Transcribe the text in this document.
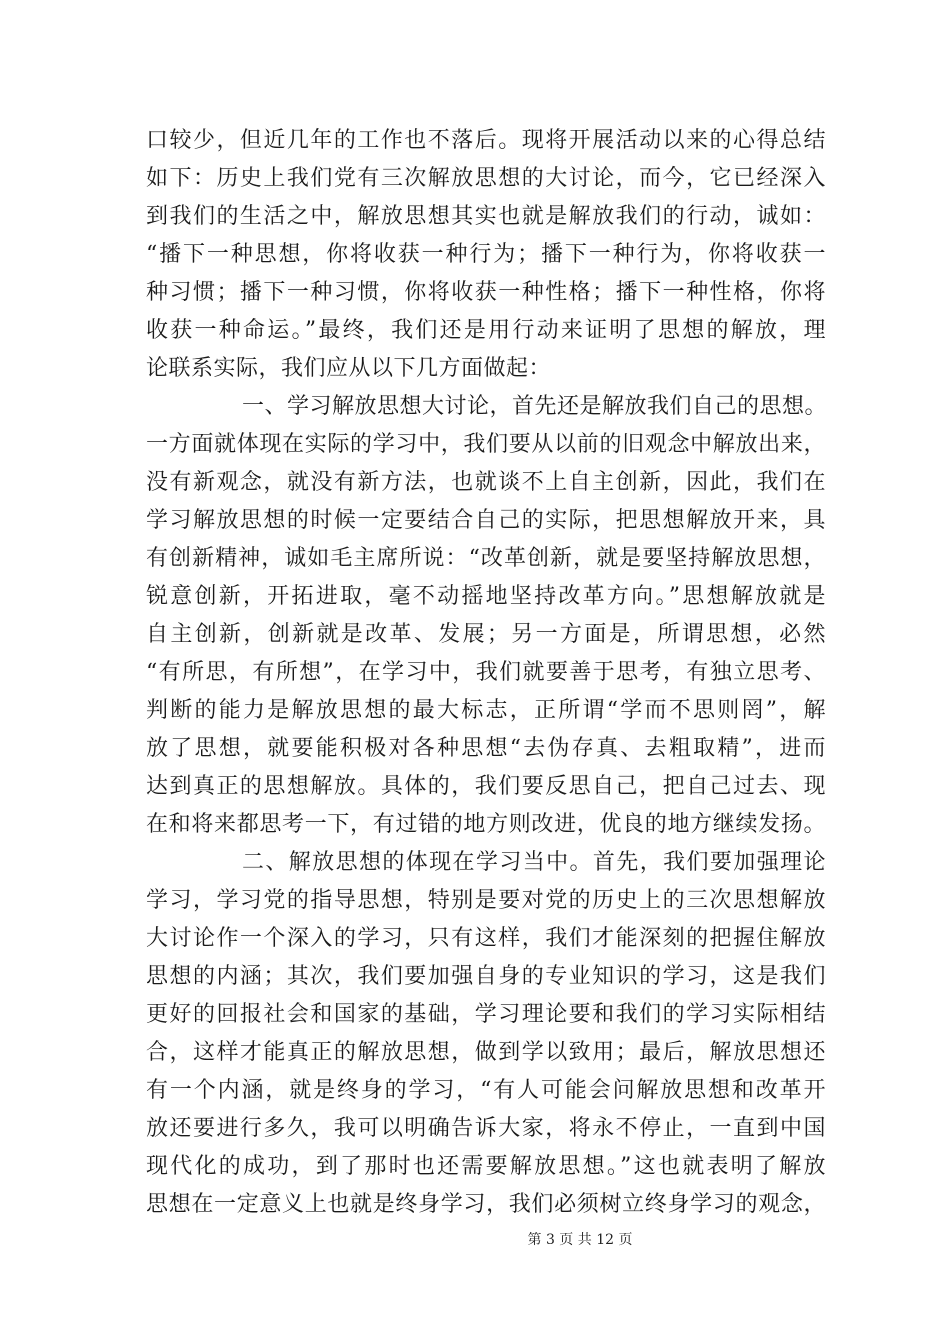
口较少，但近几年的工作也不落后。现将开展活动以来的心得总结
如下：历史上我们党有三次解放思想的大讨论，而今，它已经深入
到我们的生活之中，解放思想其实也就是解放我们的行动，诚如：
“播下一种思想，你将收获一种行为；播下一种行为，你将收获一
种习惯；播下一种习惯，你将收获一种性格；播下一种性格，你将
收获一种命运。”最终，我们还是用行动来证明了思想的解放，理
论联系实际，我们应从以下几方面做起：
一、学习解放思想大讨论，首先还是解放我们自己的思想。
一方面就体现在实际的学习中，我们要从以前的旧观念中解放出来，
没有新观念，就没有新方法，也就谈不上自主创新，因此，我们在
学习解放思想的时候一定要结合自己的实际，把思想解放开来，具
有创新精神，诚如毛主席所说：“改革创新，就是要坚持解放思想，
锐意创新，开拓进取，毫不动摇地坚持改革方向。”思想解放就是
自主创新，创新就是改革、发展；另一方面是，所谓思想，必然
“有所思，有所想”，在学习中，我们就要善于思考，有独立思考、
判断的能力是解放思想的最大标志，正所谓“学而不思则罔”，解
放了思想，就要能积极对各种思想“去伪存真、去粗取精”，进而
达到真正的思想解放。具体的，我们要反思自己，把自己过去、现
在和将来都思考一下，有过错的地方则改进，优良的地方继续发扬。
二、解放思想的体现在学习当中。首先，我们要加强理论
学习，学习党的指导思想，特别是要对党的历史上的三次思想解放
大讨论作一个深入的学习，只有这样，我们才能深刻的把握住解放
思想的内涵；其次，我们要加强自身的专业知识的学习，这是我们
更好的回报社会和国家的基础，学习理论要和我们的学习实际相结
合，这样才能真正的解放思想，做到学以致用；最后，解放思想还
有一个内涵，就是终身的学习，“有人可能会问解放思想和改革开
放还要进行多久，我可以明确告诉大家，将永不停止，一直到中国
现代化的成功，到了那时也还需要解放思想。”这也就表明了解放
思想在一定意义上也就是终身学习，我们必须树立终身学习的观念，
第 3 页 共 12 页
